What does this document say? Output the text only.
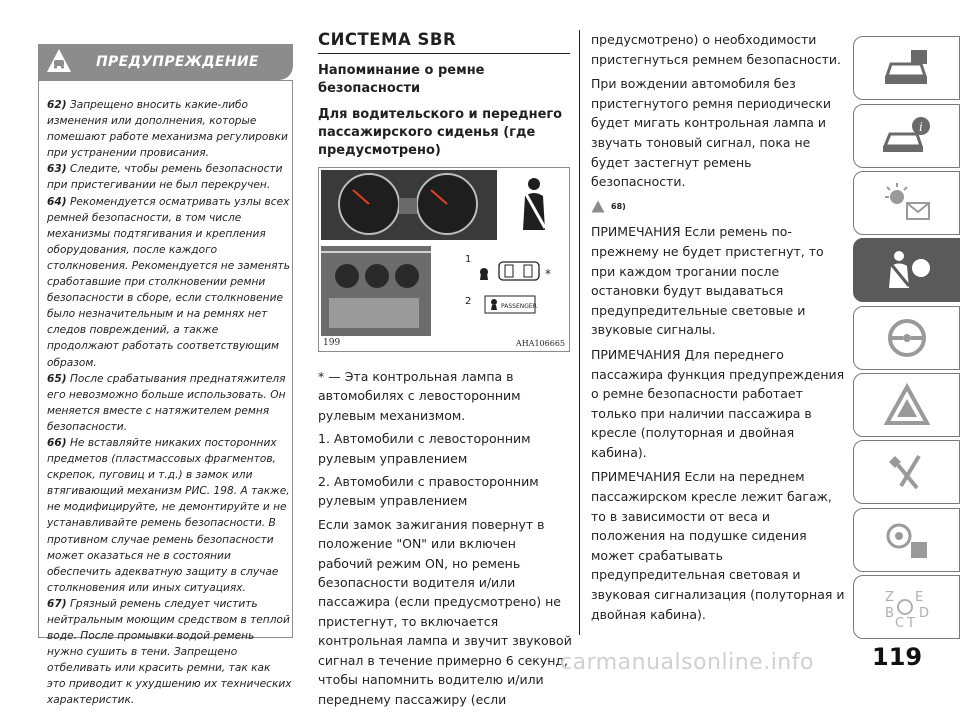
ПРЕДУПРЕЖДЕНИЕ

62) Запрещено вносить какие-либо изменения или дополнения, которые помешают работе механизма регулировки при устранении провисания.

63) Следите, чтобы ремень безопасности при пристегивании не был перекручен.

64) Рекомендуется осматривать узлы всех ремней безопасности, в том числе механизмы подтягивания и крепления оборудования, после каждого столкновения. Рекомендуется не заменять сработавшие при столкновении ремни безопасности в сборе, если столкновение было незначительным и на ремнях нет следов повреждений, а также продолжают работать соответствующим образом.

65) После срабатывания преднатяжителя его невозможно больше использовать. Он меняется вместе с натяжителем ремня безопасности.

66) Не вставляйте никаких посторонних предметов (пластмассовых фрагментов, скрепок, пуговиц и т.д.) в замок или втягивающий механизм РИС. 198. А также, не модифицируйте, не демонтируйте и не устанавливайте ремень безопасности. В противном случае ремень безопасности может оказаться не в состоянии обеспечить адекватную защиту в случае столкновения или иных ситуациях.

67) Грязный ремень следует чистить нейтральным моющим средством в теплой воде. После промывки водой ремень нужно сушить в тени. Запрещено отбеливать или красить ремни, так как это приводит к ухудшению их технических характеристик.

СИСТЕМА SBR
Напоминание о ремне безопасности
Для водительского и переднего пассажирского сиденья (где предусмотрено)
1
2
*
PASSENGER
199	AHA106665

* — Эта контрольная лампа в автомобилях с левосторонним рулевым механизмом.

1. Автомобили с левосторонним рулевым управлением

2. Автомобили с правосторонним рулевым управлением

Если замок зажигания повернут в положение "ON" или включен рабочий режим ON, но ремень безопасности водителя и/или пассажира (если предусмотрено) не пристегнут, то включается контрольная лампа и звучит звуковой сигнал в течение примерно 6 секунд, чтобы напомнить водителю и/или переднему пассажиру (если

предусмотрено) о необходимости пристегнуться ремнем безопасности.

При вождении автомобиля без пристегнутого ремня периодически будет мигать контрольная лампа и звучать тоновый сигнал, пока не будет застегнут ремень безопасности.

68)

ПРИМЕЧАНИЯ Если ремень по-прежнему не будет пристегнут, то при каждом трогании после остановки будут выдаваться предупредительные световые и звуковые сигналы.

ПРИМЕЧАНИЯ Для переднего пассажира функция предупреждения о ремне безопасности работает только при наличии пассажира в кресле (полуторная и двойная кабина).

ПРИМЕЧАНИЯ Если на переднем пассажирском кресле лежит багаж, то в зависимости от веса и положения на подушке сидения может срабатывать предупредительная световая и звуковая сигнализация (полуторная и двойная кабина).

i
Z E
B D
C T
119
carmanualsonline.info
